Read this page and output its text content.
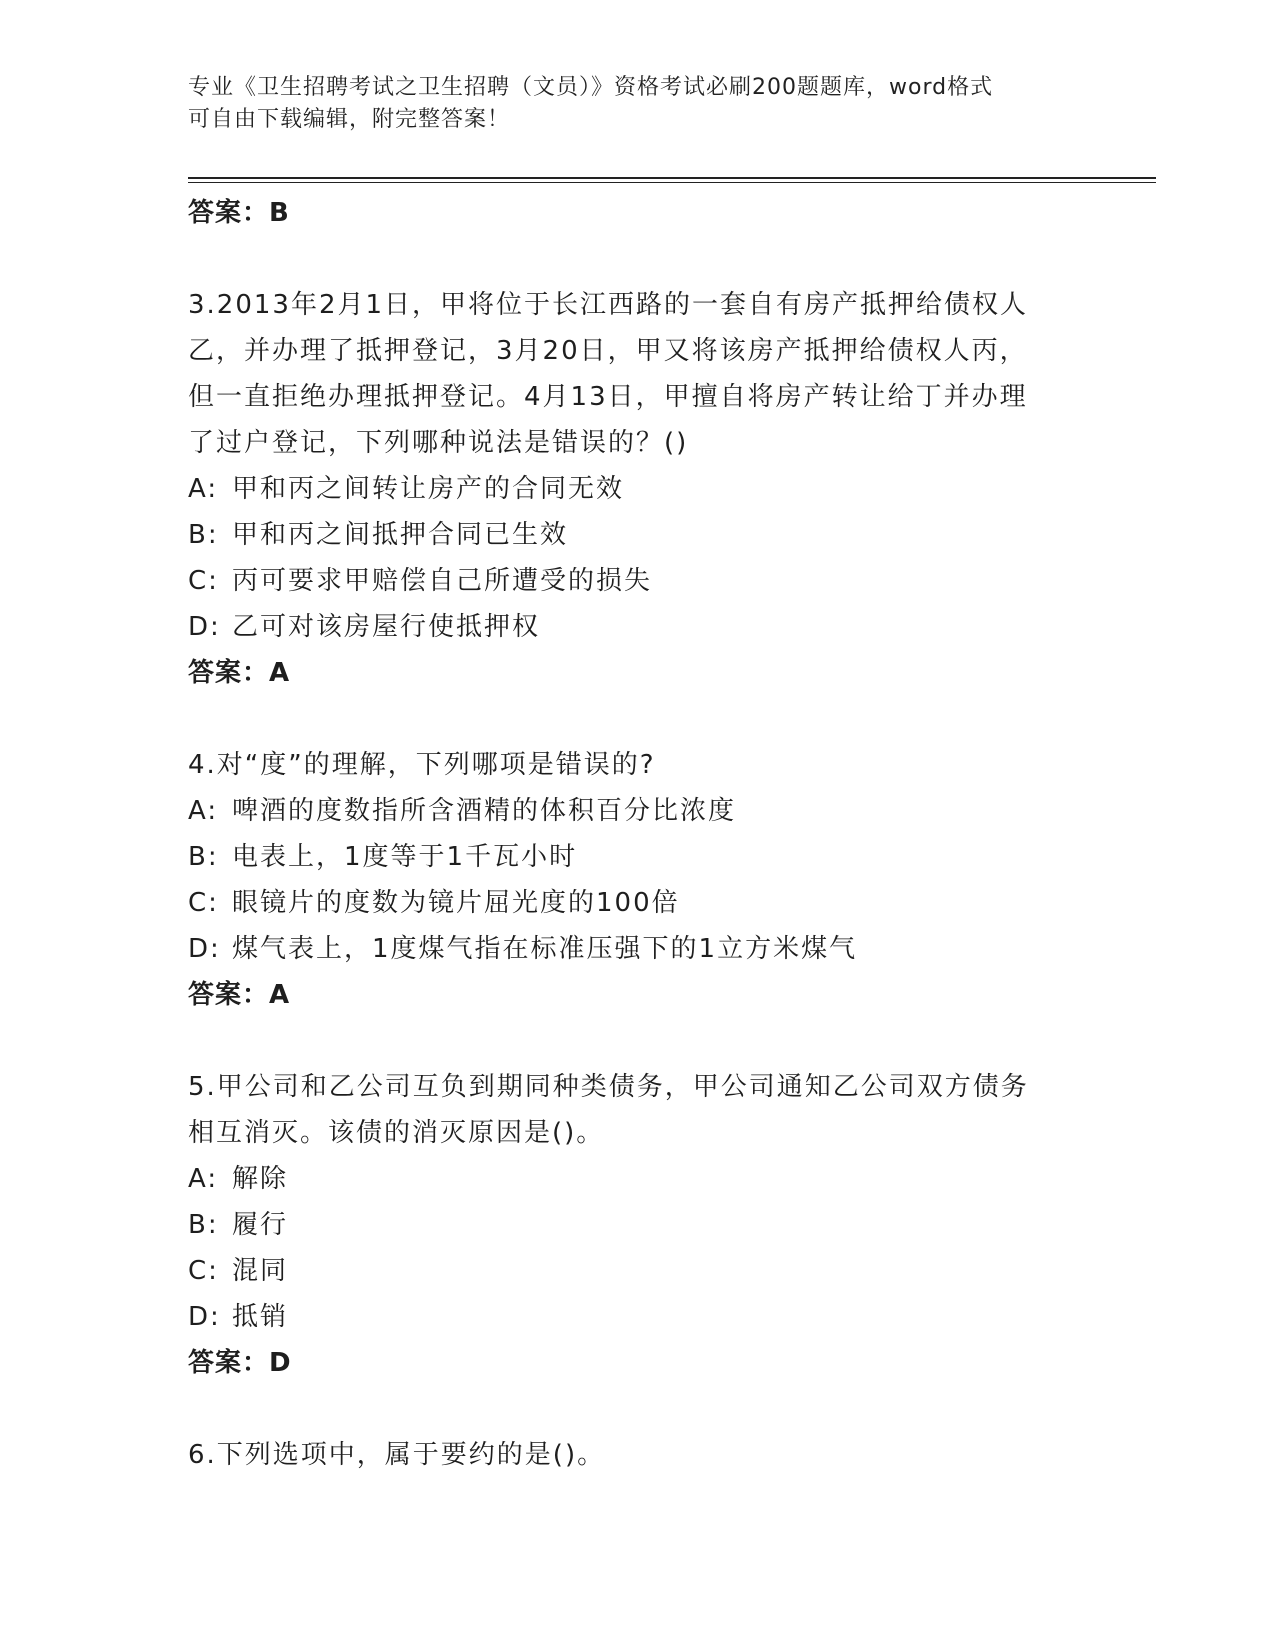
专业《卫生招聘考试之卫生招聘（文员）》资格考试必刷200题题库，word格式
可自由下载编辑，附完整答案！
答案：B
3.2013年2月1日，甲将位于长江西路的一套自有房产抵押给债权人
乙，并办理了抵押登记，3月20日，甲又将该房产抵押给债权人丙，
但一直拒绝办理抵押登记。4月13日，甲擅自将房产转让给丁并办理
了过户登记，下列哪种说法是错误的？()
A: 甲和丙之间转让房产的合同无效
B: 甲和丙之间抵押合同已生效
C: 丙可要求甲赔偿自己所遭受的损失
D: 乙可对该房屋行使抵押权
答案：A
4.对“度”的理解，下列哪项是错误的?
A: 啤酒的度数指所含酒精的体积百分比浓度
B: 电表上，1度等于1千瓦小时
C: 眼镜片的度数为镜片屈光度的100倍
D: 煤气表上，1度煤气指在标准压强下的1立方米煤气
答案：A
5.甲公司和乙公司互负到期同种类债务，甲公司通知乙公司双方债务
相互消灭。该债的消灭原因是()。
A: 解除
B: 履行
C: 混同
D: 抵销
答案：D
6.下列选项中，属于要约的是()。
